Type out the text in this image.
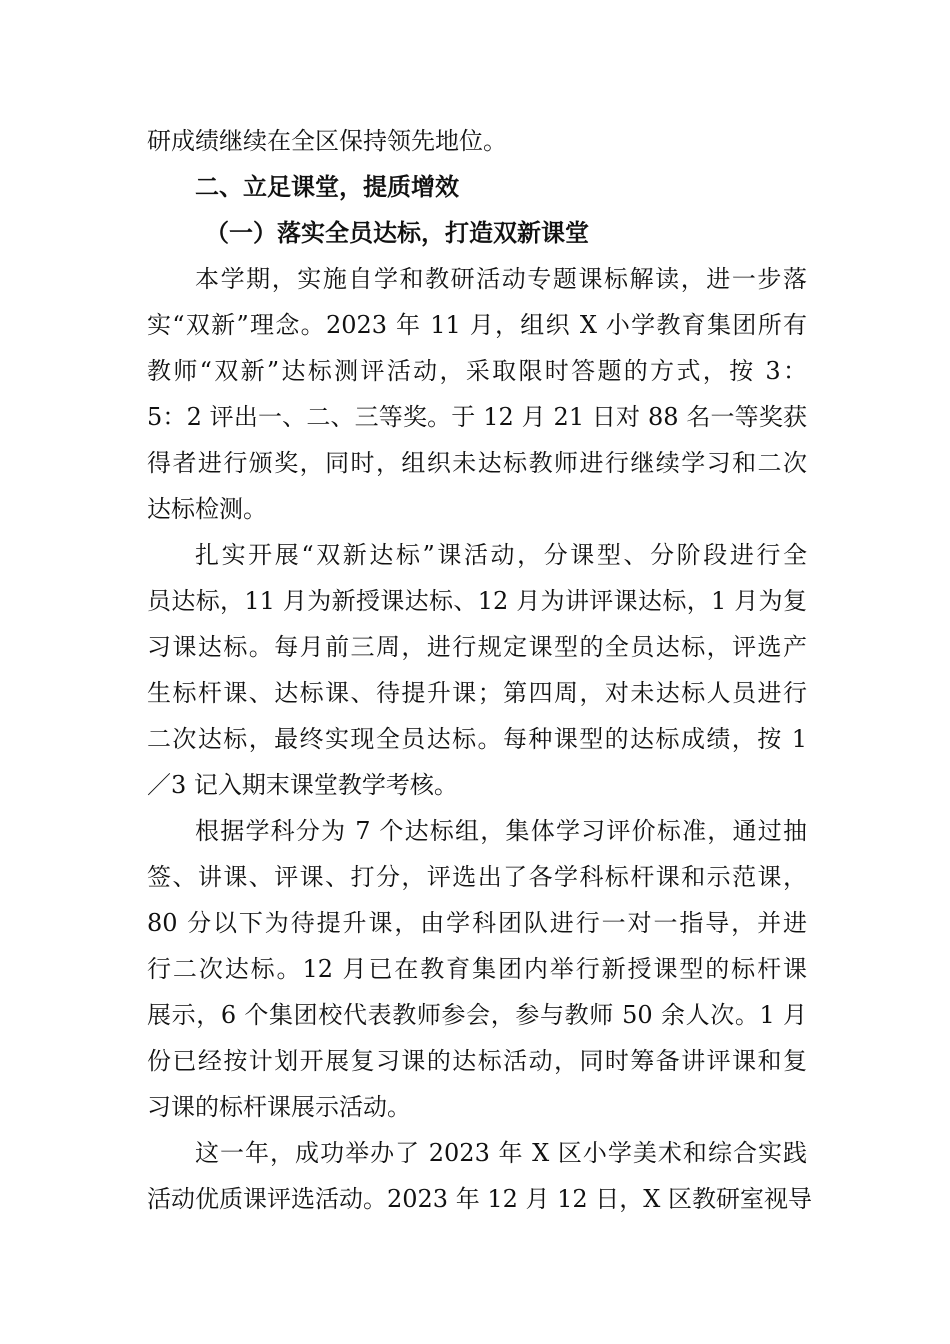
研成绩继续在全区保持领先地位。
二、立足课堂，提质增效
（一）落实全员达标，打造双新课堂
本学期，实施自学和教研活动专题课标解读，进一步落
实“双新”理念。2023 年 11 月，组织 X 小学教育集团所有
教师“双新”达标测评活动，采取限时答题的方式，按 3：
5：2 评出一、二、三等奖。于 12 月 21 日对 88 名一等奖获
得者进行颁奖，同时，组织未达标教师进行继续学习和二次
达标检测。
扎实开展“双新达标”课活动，分课型、分阶段进行全
员达标，11 月为新授课达标、12 月为讲评课达标，1 月为复
习课达标。每月前三周，进行规定课型的全员达标，评选产
生标杆课、达标课、待提升课；第四周，对未达标人员进行
二次达标，最终实现全员达标。每种课型的达标成绩，按 1
／3 记入期末课堂教学考核。
根据学科分为 7 个达标组，集体学习评价标准，通过抽
签、讲课、评课、打分，评选出了各学科标杆课和示范课，
80 分以下为待提升课，由学科团队进行一对一指导，并进
行二次达标。12 月已在教育集团内举行新授课型的标杆课
展示，6 个集团校代表教师参会，参与教师 50 余人次。1 月
份已经按计划开展复习课的达标活动，同时筹备讲评课和复
习课的标杆课展示活动。
这一年，成功举办了 2023 年 X 区小学美术和综合实践
活动优质课评选活动。2023 年 12 月 12 日，X 区教研室视导
